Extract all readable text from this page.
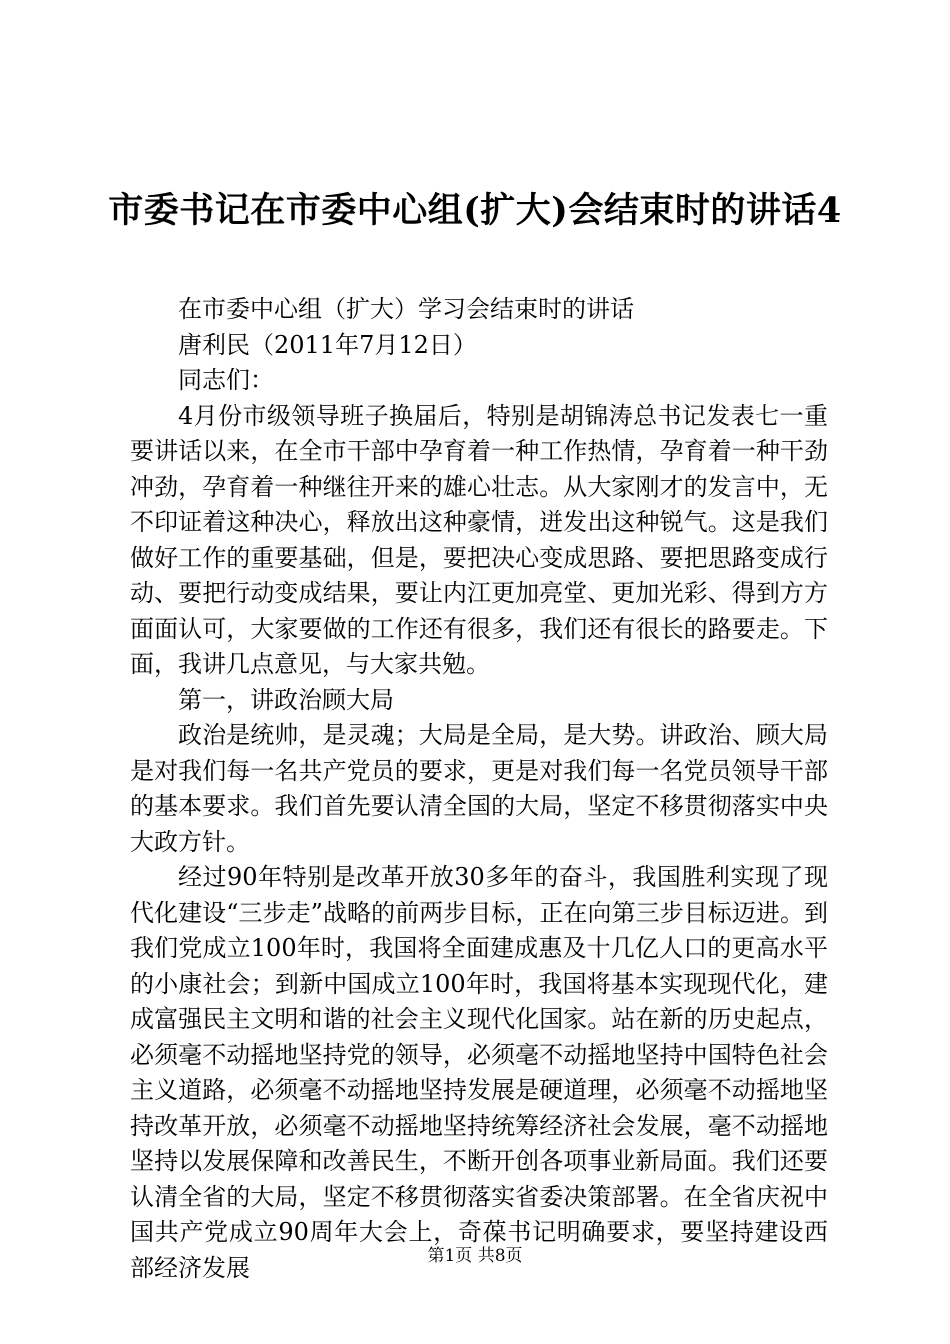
市委书记在市委中心组(扩大)会结束时的讲话4

在市委中心组（扩大）学习会结束时的讲话

唐利民（2011年7月12日）

同志们：

4月份市级领导班子换届后，特别是胡锦涛总书记发表七一重要讲话以来，在全市干部中孕育着一种工作热情，孕育着一种干劲冲劲，孕育着一种继往开来的雄心壮志。从大家刚才的发言中，无不印证着这种决心，释放出这种豪情，迸发出这种锐气。这是我们做好工作的重要基础，但是，要把决心变成思路、要把思路变成行动、要把行动变成结果，要让内江更加亮堂、更加光彩、得到方方面面认可，大家要做的工作还有很多，我们还有很长的路要走。下面，我讲几点意见，与大家共勉。

第一，讲政治顾大局

政治是统帅，是灵魂；大局是全局，是大势。讲政治、顾大局是对我们每一名共产党员的要求，更是对我们每一名党员领导干部的基本要求。我们首先要认清全国的大局，坚定不移贯彻落实中央大政方针。

经过90年特别是改革开放30多年的奋斗，我国胜利实现了现代化建设“三步走”战略的前两步目标，正在向第三步目标迈进。到我们党成立100年时，我国将全面建成惠及十几亿人口的更高水平的小康社会；到新中国成立100年时，我国将基本实现现代化，建成富强民主文明和谐的社会主义现代化国家。站在新的历史起点，必须毫不动摇地坚持党的领导，必须毫不动摇地坚持中国特色社会主义道路，必须毫不动摇地坚持发展是硬道理，必须毫不动摇地坚持改革开放，必须毫不动摇地坚持统筹经济社会发展，毫不动摇地坚持以发展保障和改善民生，不断开创各项事业新局面。我们还要认清全省的大局，坚定不移贯彻落实省委决策部署。在全省庆祝中国共产党成立90周年大会上，奇葆书记明确要求，要坚持建设西部经济发展	第1页 共8页
